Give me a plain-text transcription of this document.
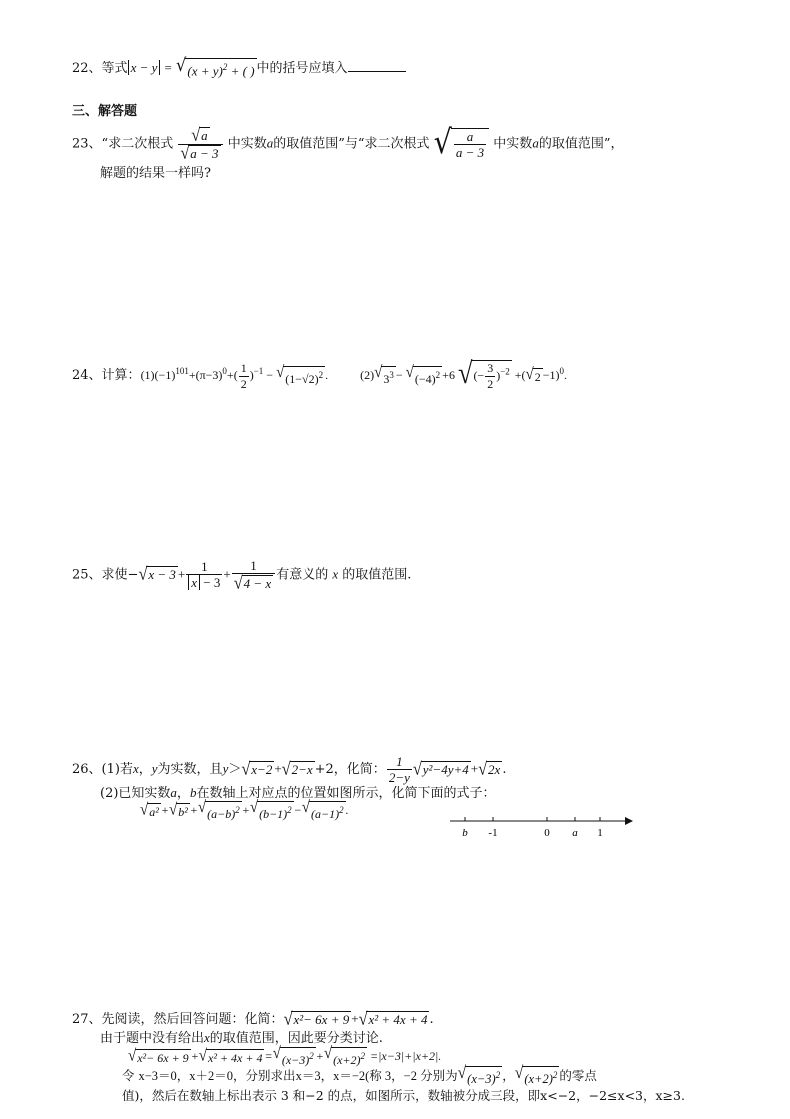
22、等式 x − y = √ $(x + y)^2$ + ( ) 中的括号应填入
三、解答题
23、“求二次根式 $\frac{√ a}{√ a - 3}$ 中实数a的取值范围”与“求二次根式 √ $\frac{a}{a - 3}$ 中实数a的取值范围”，
解题的结果一样吗?
24、计算：$(1)(-1)^{101}+(\pi-3)^0+( \frac{1}{2} )^{-1}$ − √ $(1-√2)^2$ .	(2) √ $3^3$ − √ $(-4)^2 +6$ √ (− $\frac{3}{2} )^{-2}$ +( √ 2 −1)$^0$.
25、求使− √ $x - 3 + \frac{1}{x - 3} + \frac{1}{√ 4 - x}$ 有意义的 x 的取值范围.
26、(1)若x，y为实数，且y＞ √ x−2 + √ 2−x +2，化简： $\frac{1}{2-y}$ √ y²−4y+4 + √ 2x .
(2)已知实数a，b在数轴上对应点的位置如图所示，化简下面的式子：
√ a² + √ b² + √ $(a-b)^2$ + √ $(b-1)^2$ − √ $(a-1)^2$ .
b -1	0 a 1
27、先阅读，然后回答问题：化简： √ x²− 6x + 9 + √ x² + 4x + 4 .
由于题中没有给出x的取值范围，因此要分类讨论.
√ x²− 6x + 9 + √ x² + 4x + 4 = √ $(x-3)^2$ + √ $(x+2)^2 =|x-3|+|x+2|$.
令 x−3＝0，x＋2＝0，分别求出x＝3，x＝−2(称 3，−2 分别为 √ $(x-3)^2$ ， √ $(x+2)^2$ 的零点
值)，然后在数轴上标出表示 3 和−2 的点，如图所示，数轴被分成三段，即x<−2，−2≤x<3，x≥3.
